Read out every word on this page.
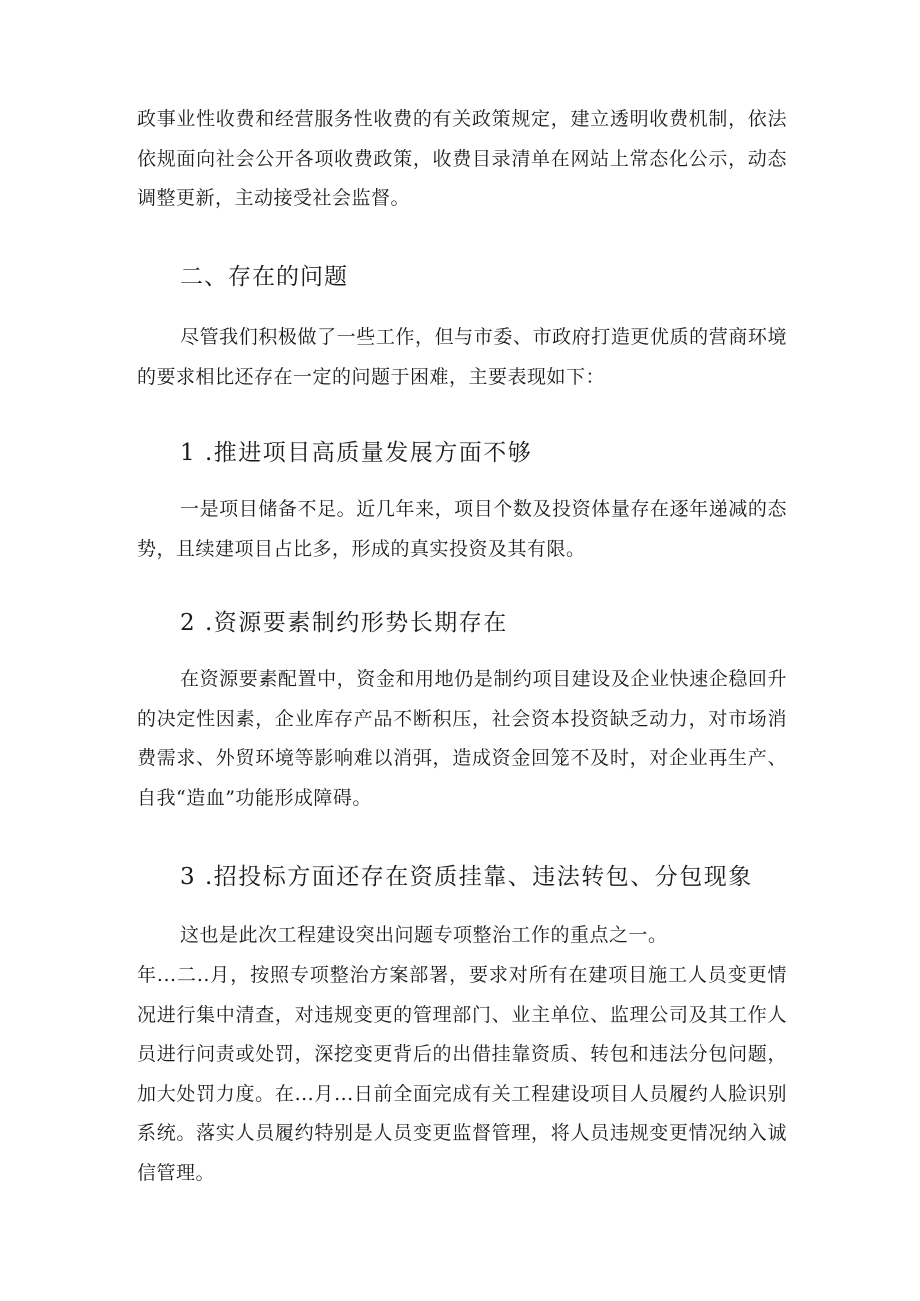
政事业性收费和经营服务性收费的有关政策规定，建立透明收费机制，依法依规面向社会公开各项收费政策，收费目录清单在网站上常态化公示，动态调整更新，主动接受社会监督。

二、存在的问题

尽管我们积极做了一些工作，但与市委、市政府打造更优质的营商环境的要求相比还存在一定的问题于困难，主要表现如下：

1 .推进项目高质量发展方面不够

一是项目储备不足。近几年来，项目个数及投资体量存在逐年递减的态势，且续建项目占比多，形成的真实投资及其有限。

2 .资源要素制约形势长期存在

在资源要素配置中，资金和用地仍是制约项目建设及企业快速企稳回升的决定性因素，企业库存产品不断积压，社会资本投资缺乏动力，对市场消费需求、外贸环境等影响难以消弭，造成资金回笼不及时，对企业再生产、自我“造血”功能形成障碍。

3 .招投标方面还存在资质挂靠、违法转包、分包现象

这也是此次工程建设突出问题专项整治工作的重点之一。

年...二..月，按照专项整治方案部署，要求对所有在建项目施工人员变更情况进行集中清查，对违规变更的管理部门、业主单位、监理公司及其工作人员进行问责或处罚，深挖变更背后的出借挂靠资质、转包和违法分包问题，加大处罚力度。在...月...日前全面完成有关工程建设项目人员履约人脸识别系统。落实人员履约特别是人员变更监督管理，将人员违规变更情况纳入诚信管理。
